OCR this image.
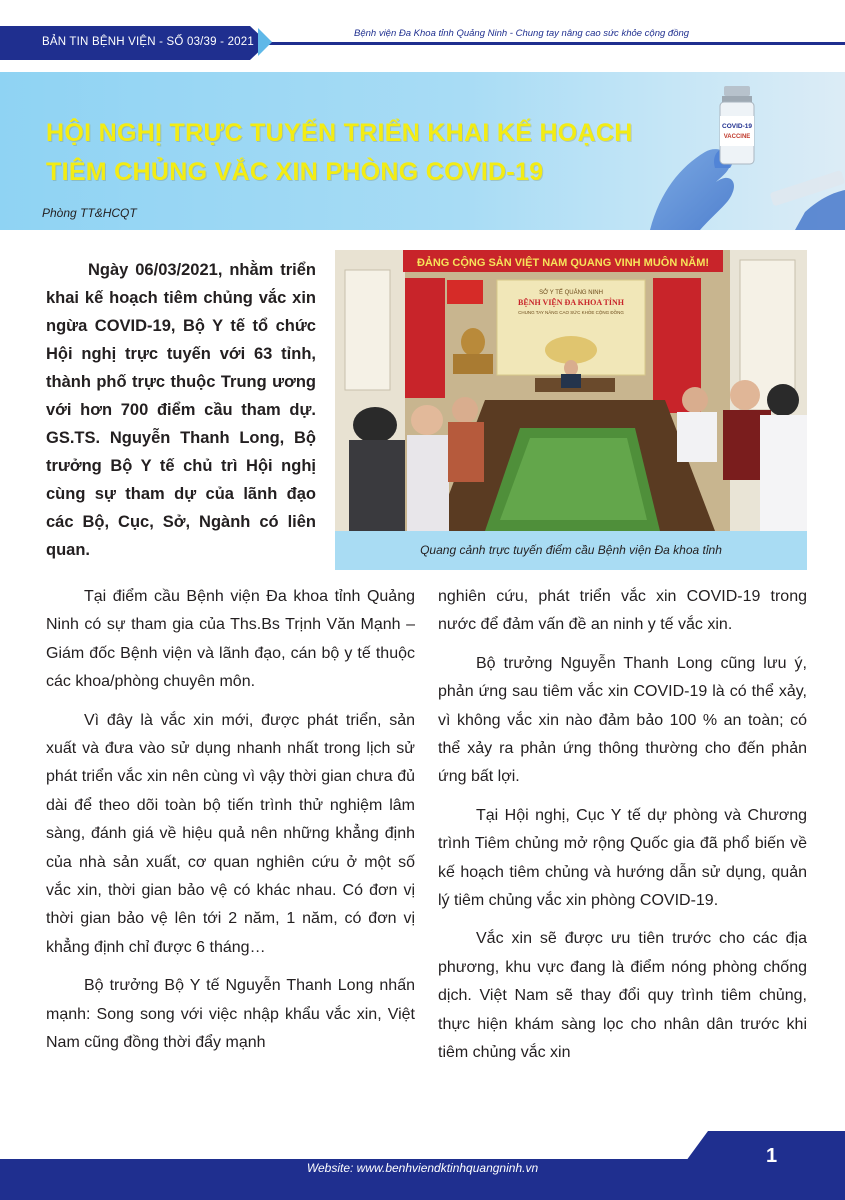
BẢN TIN BỆNH VIỆN - SỐ 03/39 - 2021
Bệnh viện Đa Khoa tỉnh Quảng Ninh - Chung tay nâng cao sức khỏe cộng đồng
COVID-19
VACCINE
HỘI NGHỊ TRỰC TUYẾN TRIỂN KHAI KẾ HOẠCH
TIÊM CHỦNG VẮC XIN PHÒNG COVID-19
Phòng TT&HCQT

Ngày 06/03/2021, nhằm triển khai kế hoạch tiêm chủng vắc xin ngừa COVID-19, Bộ Y tế tổ chức Hội nghị trực tuyến với 63 tỉnh, thành phố trực thuộc Trung ương với hơn 700 điểm cầu tham dự. GS.TS. Nguyễn Thanh Long, Bộ trưởng Bộ Y tế chủ trì Hội nghị cùng sự tham dự của lãnh đạo các Bộ, Cục, Sở, Ngành có liên quan.

ĐẢNG CỘNG SẢN VIỆT NAM QUANG VINH MUÔN NĂM!
SỞ Y TẾ QUẢNG NINH
BỆNH VIỆN ĐA KHOA TỈNH
CHUNG TAY NÂNG CAO SỨC KHỎE CỘNG ĐỒNG
Quang cảnh trực tuyến điểm cầu Bệnh viện Đa khoa tỉnh

Tại điểm cầu Bệnh viện Đa khoa tỉnh Quảng Ninh có sự tham gia của Ths.Bs Trịnh Văn Mạnh – Giám đốc Bệnh viện và lãnh đạo, cán bộ y tế thuộc các khoa/phòng chuyên môn.

Vì đây là vắc xin mới, được phát triển, sản xuất và đưa vào sử dụng nhanh nhất trong lịch sử phát triển vắc xin nên cùng vì vậy thời gian chưa đủ dài để theo dõi toàn bộ tiến trình thử nghiệm lâm sàng, đánh giá về hiệu quả nên những khẳng định của nhà sản xuất, cơ quan nghiên cứu ở một số vắc xin, thời gian bảo vệ có khác nhau. Có đơn vị thời gian bảo vệ lên tới 2 năm, 1 năm, có đơn vị khẳng định chỉ được 6 tháng…

Bộ trưởng Bộ Y tế Nguyễn Thanh Long nhấn mạnh: Song song với việc nhập khẩu vắc xin, Việt Nam cũng đồng thời đẩy mạnh

nghiên cứu, phát triển vắc xin COVID-19 trong nước để đảm vấn đề an ninh y tế vắc xin.

Bộ trưởng Nguyễn Thanh Long cũng lưu ý, phản ứng sau tiêm vắc xin COVID-19 là có thể xảy, vì không vắc xin nào đảm bảo 100 % an toàn; có thể xảy ra phản ứng thông thường cho đến phản ứng bất lợi.

Tại Hội nghị, Cục Y tế dự phòng và Chương trình Tiêm chủng mở rộng Quốc gia đã phổ biến về kế hoạch tiêm chủng và hướng dẫn sử dụng, quản lý tiêm chủng vắc xin phòng COVID-19.

Vắc xin sẽ được ưu tiên trước cho các địa phương, khu vực đang là điểm nóng phòng chống dịch. Việt Nam sẽ thay đổi quy trình tiêm chủng, thực hiện khám sàng lọc cho nhân dân trước khi tiêm chủng vắc xin

Website: www.benhviendktinhquangninh.vn
1
